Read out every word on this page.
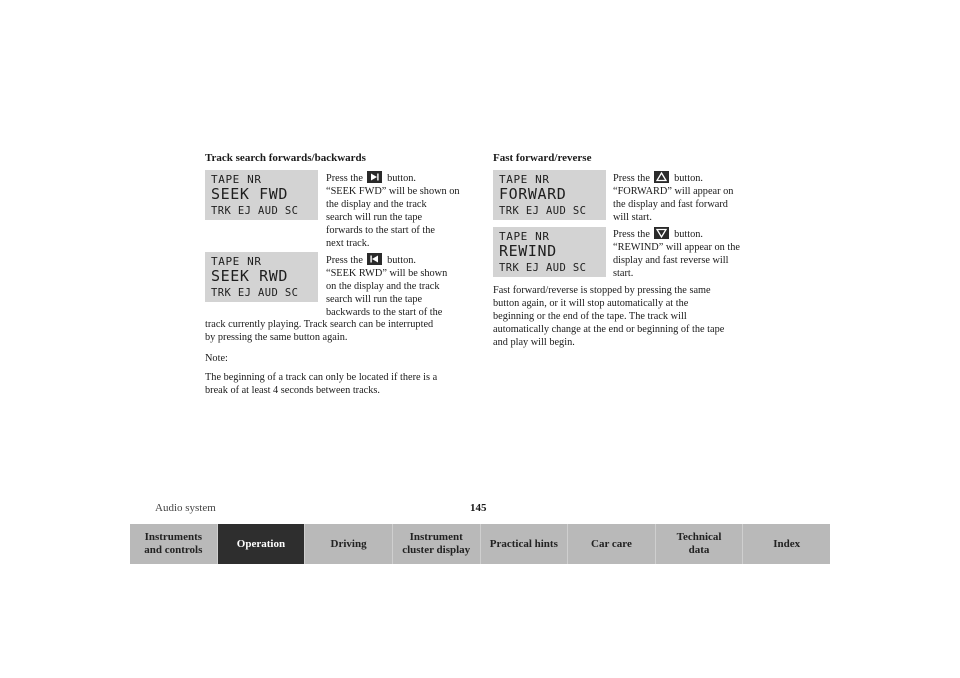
Track search forwards/backwards
TAPE NR
SEEK FWD
TRK EJ AUD SC

Press the button.

“SEEK FWD” will be shown on

the display and the track

search will run the tape

forwards to the start of the

next track.

TAPE NR
SEEK RWD
TRK EJ AUD SC

Press the button.

“SEEK RWD” will be shown

on the display and the track

search will run the tape

backwards to the start of the

track currently playing. Track search can be interrupted

by pressing the same button again.

Note:

The beginning of a track can only be located if there is a

break of at least 4 seconds between tracks.

Fast forward/reverse
TAPE NR
FORWARD
TRK EJ AUD SC

Press the button.

“FORWARD” will appear on

the display and fast forward

will start.

TAPE NR
REWIND
TRK EJ AUD SC

Press the button.

“REWIND” will appear on the

display and fast reverse will

start.

Fast forward/reverse is stopped by pressing the same

button again, or it will stop automatically at the

beginning or the end of the tape. The track will

automatically change at the end or beginning of the tape

and play will begin.

Audio system	145
Instruments
and controls
Operation	Driving
Instrument
cluster display
Practical hints	Car care
Technical
data
Index
